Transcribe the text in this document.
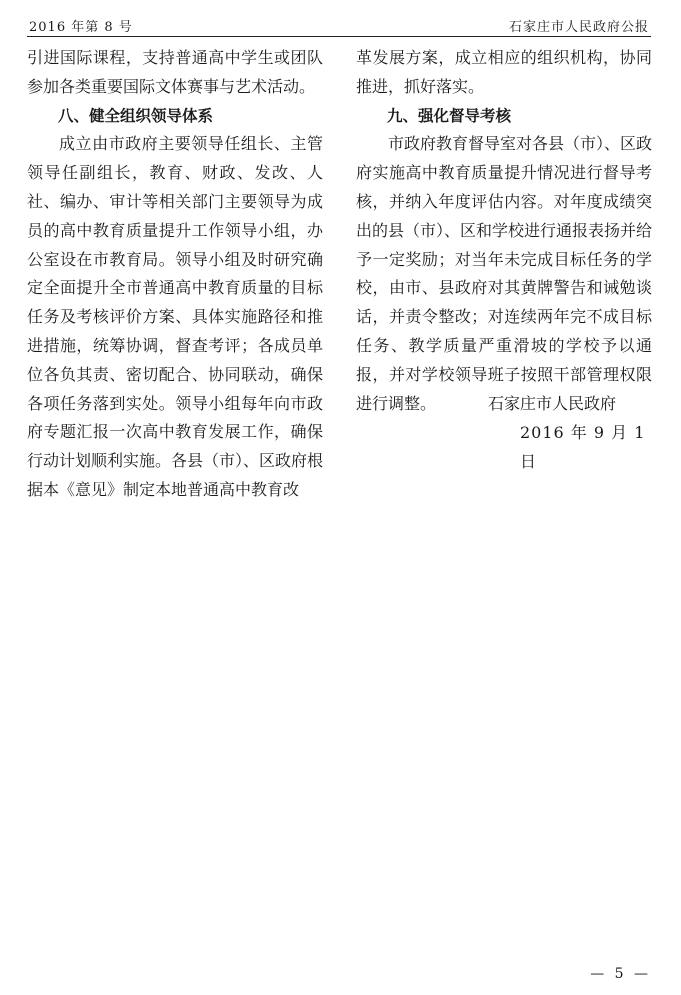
2016 年第 8 号	石家庄市人民政府公报

引进国际课程，支持普通高中学生或团队参加各类重要国际文体赛事与艺术活动。

八、健全组织领导体系

成立由市政府主要领导任组长、主管领导任副组长，教育、财政、发改、人社、编办、审计等相关部门主要领导为成员的高中教育质量提升工作领导小组，办公室设在市教育局。领导小组及时研究确定全面提升全市普通高中教育质量的目标任务及考核评价方案、具体实施路径和推进措施，统筹协调，督查考评；各成员单位各负其责、密切配合、协同联动，确保各项任务落到实处。领导小组每年向市政府专题汇报一次高中教育发展工作，确保行动计划顺利实施。各县（市）、区政府根据本《意见》制定本地普通高中教育改

革发展方案，成立相应的组织机构，协同推进，抓好落实。

九、强化督导考核

市政府教育督导室对各县（市）、区政府实施高中教育质量提升情况进行督导考核，并纳入年度评估内容。对年度成绩突出的县（市）、区和学校进行通报表扬并给予一定奖励；对当年未完成目标任务的学校，由市、县政府对其黄牌警告和诫勉谈话，并责令整改；对连续两年完不成目标任务、教学质量严重滑坡的学校予以通报，并对学校领导班子按照干部管理权限进行调整。	石家庄市人民政府
2016 年 9 月 1 日
— 5 —
